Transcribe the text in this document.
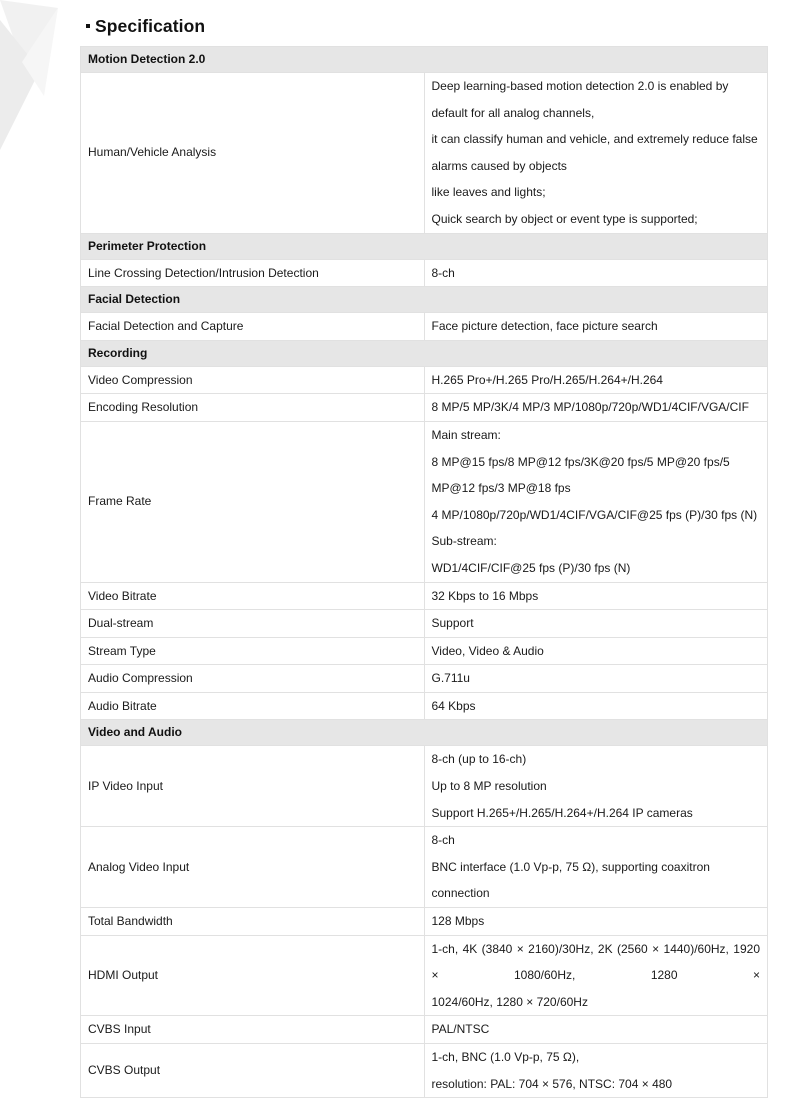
Specification
Motion Detection 2.0	
Human/Vehicle Analysis	Deep learning-based motion detection 2.0 is enabled by default for all analog channels,
it can classify human and vehicle, and extremely reduce false alarms caused by objects
like leaves and lights;
Quick search by object or event type is supported;

Perimeter Protection	
Line Crossing Detection/Intrusion Detection	8-ch

Facial Detection	
Facial Detection and Capture	Face picture detection, face picture search

Recording	
Video Compression	H.265 Pro+/H.265 Pro/H.265/H.264+/H.264

Encoding Resolution	8 MP/5 MP/3K/4 MP/3 MP/1080p/720p/WD1/4CIF/VGA/CIF

Frame Rate	Main stream:
8 MP@15 fps/8 MP@12 fps/3K@20 fps/5 MP@20 fps/5 MP@12 fps/3 MP@18 fps
4 MP/1080p/720p/WD1/4CIF/VGA/CIF@25 fps (P)/30 fps (N)
Sub-stream:
WD1/4CIF/CIF@25 fps (P)/30 fps (N)

Video Bitrate	32 Kbps to 16 Mbps

Dual-stream	Support

Stream Type	Video, Video & Audio

Audio Compression	G.711u

Audio Bitrate	64 Kbps

Video and Audio	
IP Video Input	8-ch (up to 16-ch)
Up to 8 MP resolution
Support H.265+/H.265/H.264+/H.264 IP cameras

Analog Video Input	8-ch
BNC interface (1.0 Vp-p, 75 Ω), supporting coaxitron connection

Total Bandwidth	128 Mbps

HDMI Output	1-ch, 4K (3840 × 2160)/30Hz, 2K (2560 × 1440)/60Hz, 1920 × 1080/60Hz, 1280 ×
1024/60Hz, 1280 × 720/60Hz

CVBS Input	PAL/NTSC

CVBS Output	1-ch, BNC (1.0 Vp-p, 75 Ω),
resolution: PAL: 704 × 576, NTSC: 704 × 480
